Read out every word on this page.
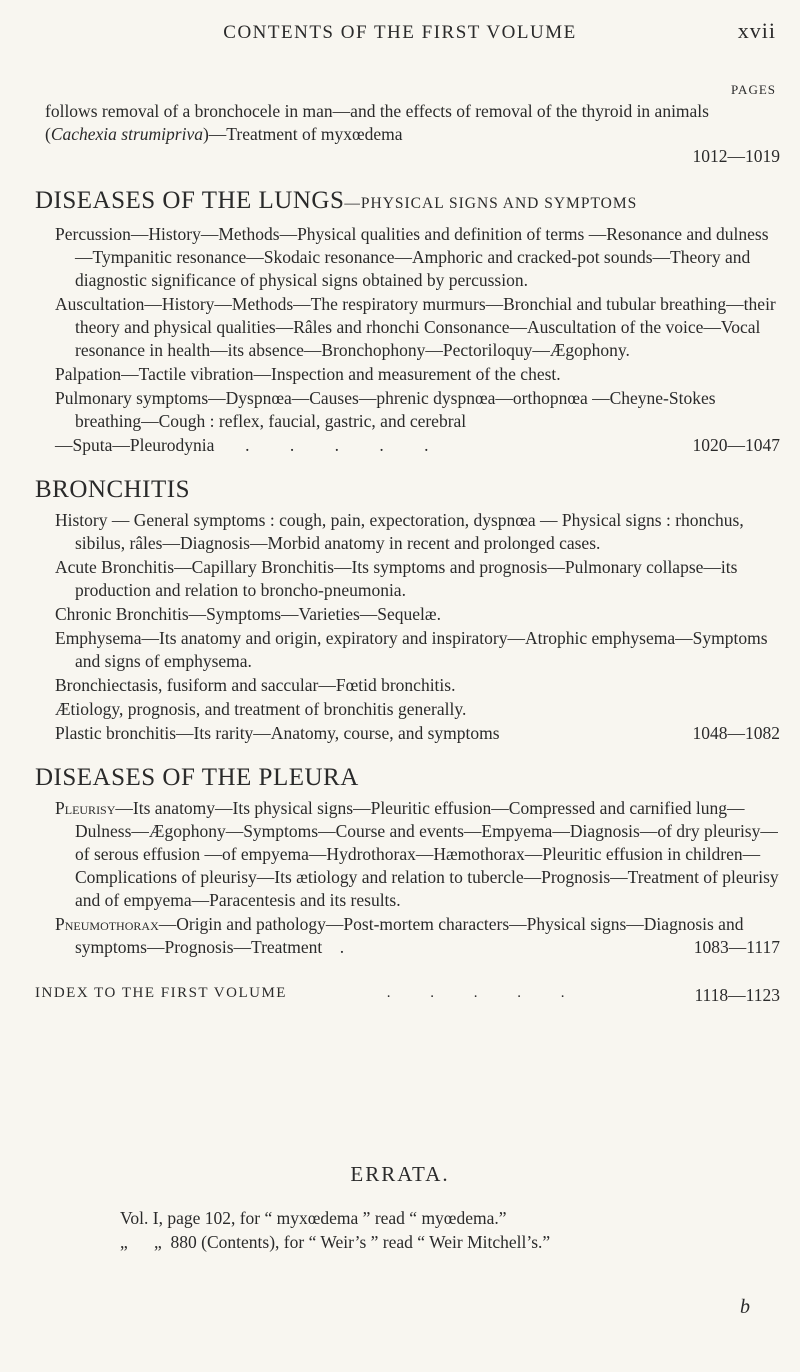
CONTENTS OF THE FIRST VOLUME	xvii
PAGES
follows removal of a bronchocele in man—and the effects of removal of the thyroid in animals (Cachexia strumipriva)—Treatment of myxœdema
1012—1019
DISEASES OF THE LUNGS—PHYSICAL SIGNS AND SYMPTOMS
Percussion—History—Methods—Physical qualities and definition of terms —Resonance and dulness—Tympanitic resonance—Skodaic resonance—Amphoric and cracked-pot sounds—Theory and diagnostic significance of physical signs obtained by percussion.
Auscultation—History—Methods—The respiratory murmurs—Bronchial and tubular breathing—their theory and physical qualities—Râles and rhonchi Consonance—Auscultation of the voice—Vocal resonance in health—its absence—Bronchophony—Pectoriloquy—Ægophony.
Palpation—Tactile vibration—Inspection and measurement of the chest.
Pulmonary symptoms—Dyspnœa—Causes—phrenic dyspnœa—orthopnœa —Cheyne-Stokes breathing—Cough : reflex, faucial, gastric, and cerebral
—Sputa—Pleurodynia . . . . .	1020—1047
BRONCHITIS
History — General symptoms : cough, pain, expectoration, dyspnœa — Physical signs : rhonchus, sibilus, râles—Diagnosis—Morbid anatomy in recent and prolonged cases.
Acute Bronchitis—Capillary Bronchitis—Its symptoms and prognosis—Pulmonary collapse—its production and relation to broncho-pneumonia.
Chronic Bronchitis—Symptoms—Varieties—Sequelæ.
Emphysema—Its anatomy and origin, expiratory and inspiratory—Atrophic emphysema—Symptoms and signs of emphysema.
Bronchiectasis, fusiform and saccular—Fœtid bronchitis.
Ætiology, prognosis, and treatment of bronchitis generally.
Plastic bronchitis—Its rarity—Anatomy, course, and symptoms	1048—1082
DISEASES OF THE PLEURA
Pleurisy—Its anatomy—Its physical signs—Pleuritic effusion—Compressed and carnified lung—Dulness—Ægophony—Symptoms—Course and events—Empyema—Diagnosis—of dry pleurisy—of serous effusion —of empyema—Hydrothorax—Hæmothorax—Pleuritic effusion in children—Complications of pleurisy—Its ætiology and relation to tubercle—Prognosis—Treatment of pleurisy and of empyema—Paracentesis and its results.
Pneumothorax—Origin and pathology—Post-mortem characters—Physical signs—Diagnosis and symptoms—Prognosis—Treatment .	1083—1117
INDEX TO THE FIRST VOLUME	. . . . .	1118—1123
ERRATA.
Vol. I, page 102, for “ myxœdema ” read “ myœdema.”
„      „  880 (Contents), for “ Weir’s ” read “ Weir Mitchell’s.”
b
